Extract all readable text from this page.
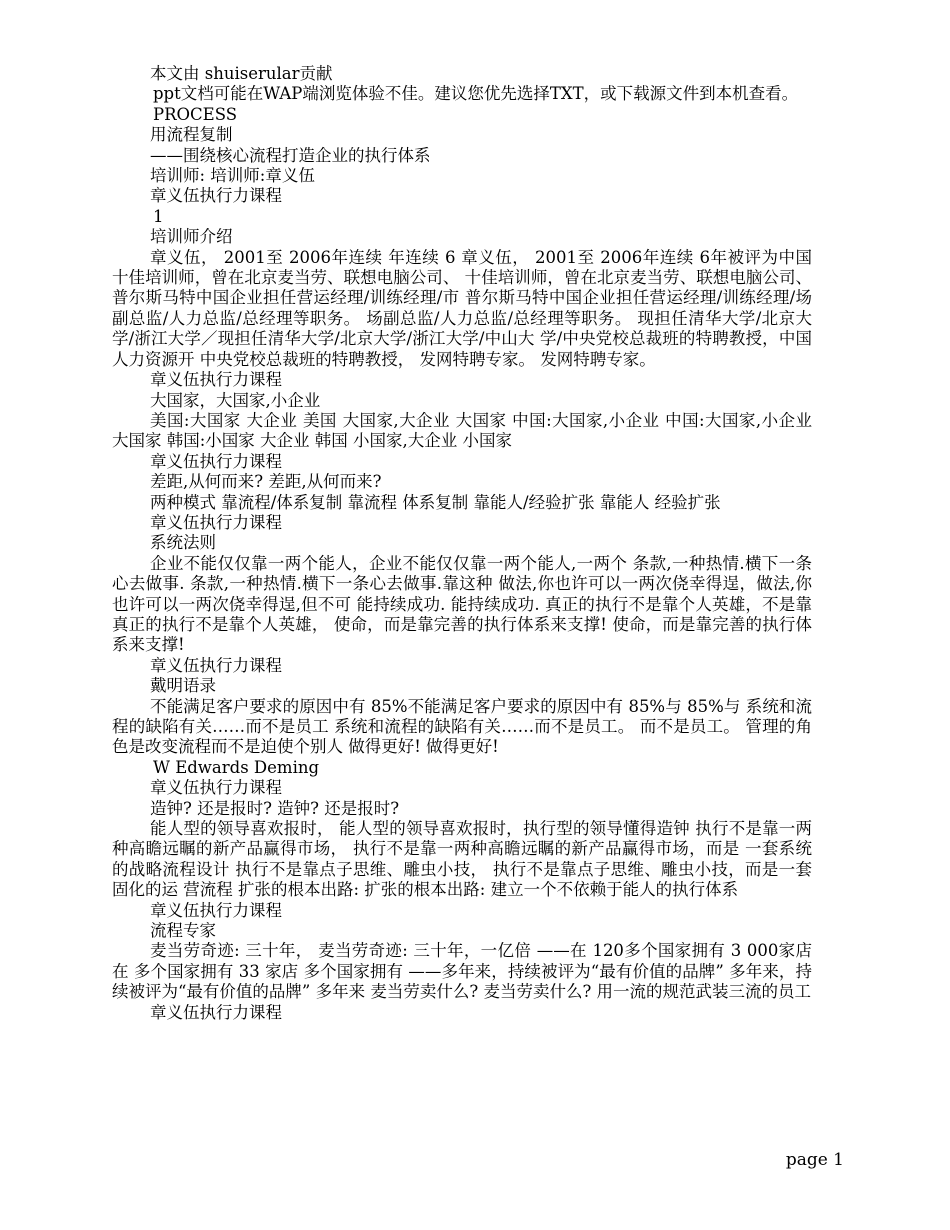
本文由 shuiserular贡献
ppt文档可能在WAP端浏览体验不佳。建议您优先选择TXT，或下载源文件到本机查看。
PROCESS
用流程复制
——围绕核心流程打造企业的执行体系
培训师: 培训师:章义伍
章义伍执行力课程
1
培训师介绍
章义伍， 2001至 2006年连续 年连续 6 章义伍， 2001至 2006年连续 6年被评为中国 十佳培训师，曾在北京麦当劳、联想电脑公司、 十佳培训师，曾在北京麦当劳、联想电脑公司、 普尔斯马特中国企业担任营运经理/训练经理/市 普尔斯马特中国企业担任营运经理/训练经理/场副总监/人力总监/总经理等职务。 场副总监/人力总监/总经理等职务。 现担任清华大学/北京大学/浙江大学／现担任清华大学/北京大学/浙江大学/中山大 学/中央党校总裁班的特聘教授，中国人力资源开 中央党校总裁班的特聘教授， 发网特聘专家。 发网特聘专家。
章义伍执行力课程
大国家，大国家,小企业
美国:大国家 大企业 美国 大国家,大企业 大国家 中国:大国家,小企业 中国:大国家,小企业 大国家 韩国:小国家 大企业 韩国 小国家,大企业 小国家
章义伍执行力课程
差距,从何而来? 差距,从何而来?
两种模式 靠流程/体系复制 靠流程 体系复制 靠能人/经验扩张 靠能人 经验扩张
章义伍执行力课程
系统法则
企业不能仅仅靠一两个能人，企业不能仅仅靠一两个能人,一两个 条款,一种热情.横下一条心去做事. 条款,一种热情.横下一条心去做事.靠这种 做法,你也许可以一两次侥幸得逞，做法,你也许可以一两次侥幸得逞,但不可 能持续成功. 能持续成功. 真正的执行不是靠个人英雄，不是靠 真正的执行不是靠个人英雄， 使命，而是靠完善的执行体系来支撑! 使命，而是靠完善的执行体系来支撑!
章义伍执行力课程
戴明语录
不能满足客户要求的原因中有 85%不能满足客户要求的原因中有 85%与 85%与 系统和流程的缺陷有关……而不是员工 系统和流程的缺陷有关……而不是员工。 而不是员工。 管理的角色是改变流程而不是迫使个别人 做得更好! 做得更好!
W Edwards Deming
章义伍执行力课程
造钟? 还是报时? 造钟? 还是报时?
能人型的领导喜欢报时， 能人型的领导喜欢报时，执行型的领导懂得造钟 执行不是靠一两种高瞻远瞩的新产品赢得市场， 执行不是靠一两种高瞻远瞩的新产品赢得市场，而是 一套系统的战略流程设计 执行不是靠点子思维、雕虫小技， 执行不是靠点子思维、雕虫小技，而是一套固化的运 营流程 扩张的根本出路: 扩张的根本出路: 建立一个不依赖于能人的执行体系
章义伍执行力课程
流程专家
麦当劳奇迹: 三十年， 麦当劳奇迹: 三十年，一亿倍 ——在 120多个国家拥有 3 000家店 在 多个国家拥有 33 家店 多个国家拥有 ——多年来，持续被评为“最有价值的品牌” 多年来，持续被评为“最有价值的品牌” 多年来 麦当劳卖什么? 麦当劳卖什么? 用一流的规范武装三流的员工
章义伍执行力课程
page 1
